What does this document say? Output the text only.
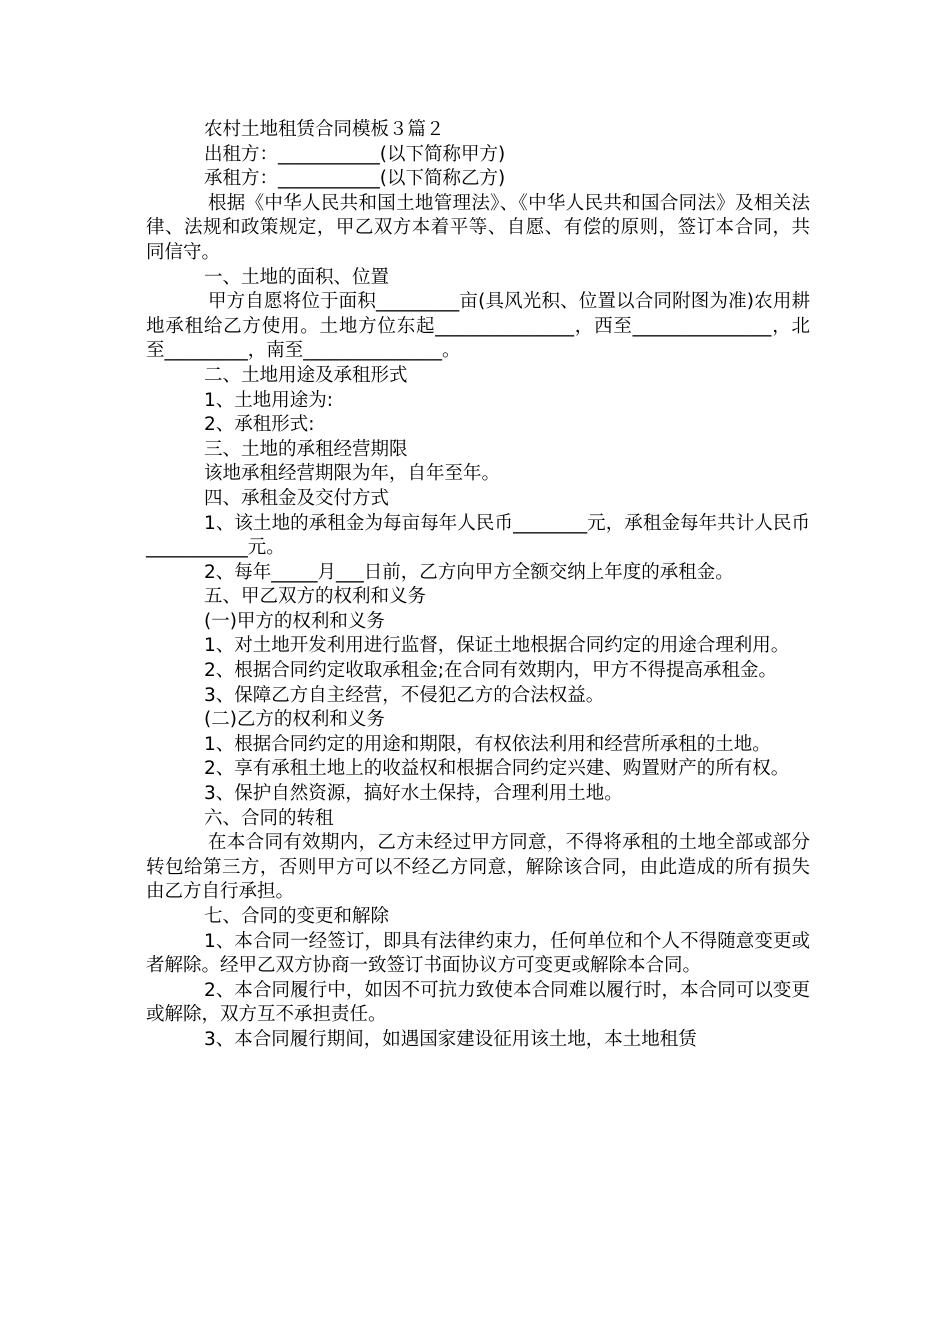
农村土地租赁合同模板３篇２

出租方：___________(以下简称甲方)

承租方：___________(以下简称乙方)

根据《中华人民共和国土地管理法》、《中华人民共和国合同法》及相关法律、法规和政策规定，甲乙双方本着平等、自愿、有偿的原则，签订本合同，共同信守。

一、土地的面积、位置

甲方自愿将位于面积_________亩(具风光积、位置以合同附图为准)农用耕地承租给乙方使用。土地方位东起_______________，西至_______________，北至_________，南至_______________。

二、土地用途及承租形式

1、土地用途为:

2、承租形式:

三、土地的承租经营期限

该地承租经营期限为年，自年至年。

四、承租金及交付方式

1、该土地的承租金为每亩每年人民币________元，承租金每年共计人民币___________元。

2、每年_____月___日前，乙方向甲方全额交纳上年度的承租金。

五、甲乙双方的权利和义务

(一)甲方的权利和义务

1、对土地开发利用进行监督，保证土地根据合同约定的用途合理利用。

2、根据合同约定收取承租金;在合同有效期内，甲方不得提高承租金。

3、保障乙方自主经营，不侵犯乙方的合法权益。

(二)乙方的权利和义务

1、根据合同约定的用途和期限，有权依法利用和经营所承租的土地。

2、享有承租土地上的收益权和根据合同约定兴建、购置财产的所有权。

3、保护自然资源，搞好水土保持，合理利用土地。

六、合同的转租

在本合同有效期内，乙方未经过甲方同意，不得将承租的土地全部或部分转包给第三方，否则甲方可以不经乙方同意，解除该合同，由此造成的所有损失由乙方自行承担。

七、合同的变更和解除

1、本合同一经签订，即具有法律约束力，任何单位和个人不得随意变更或者解除。经甲乙双方协商一致签订书面协议方可变更或解除本合同。

2、本合同履行中，如因不可抗力致使本合同难以履行时，本合同可以变更或解除，双方互不承担责任。

3、本合同履行期间，如遇国家建设征用该土地，本土地租赁
